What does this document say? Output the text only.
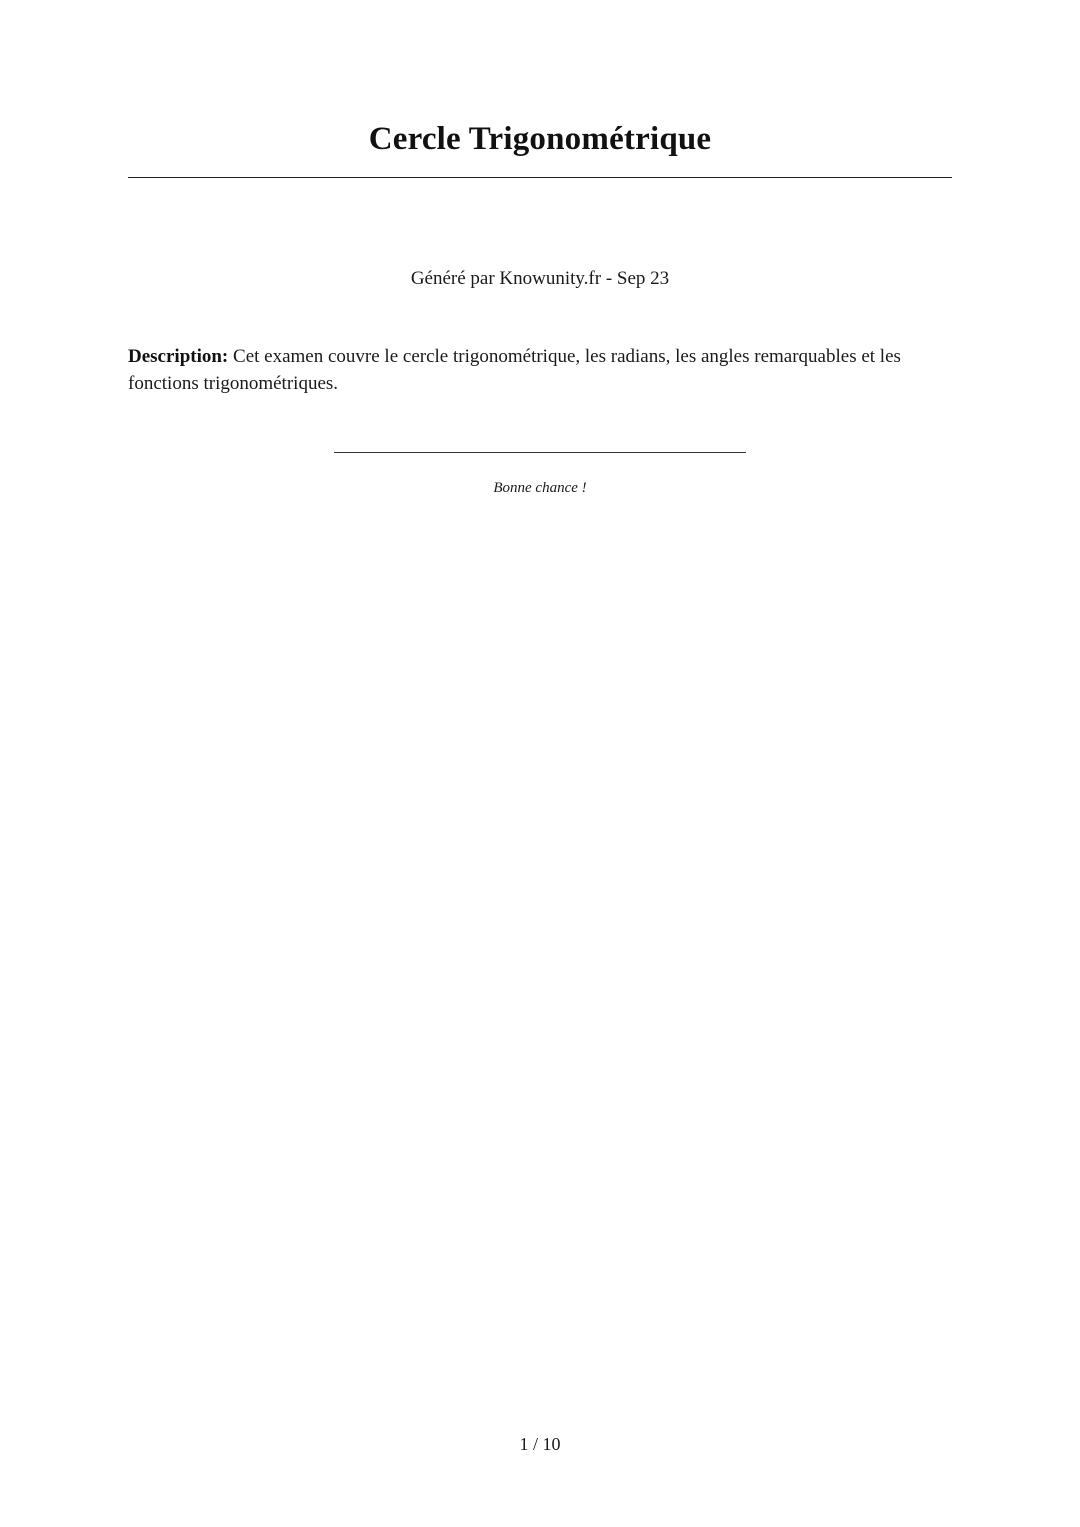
Cercle Trigonométrique
Généré par Knowunity.fr - Sep 23
Description: Cet examen couvre le cercle trigonométrique, les radians, les angles remarquables et les fonctions trigonométriques.
Bonne chance !
1 / 10
